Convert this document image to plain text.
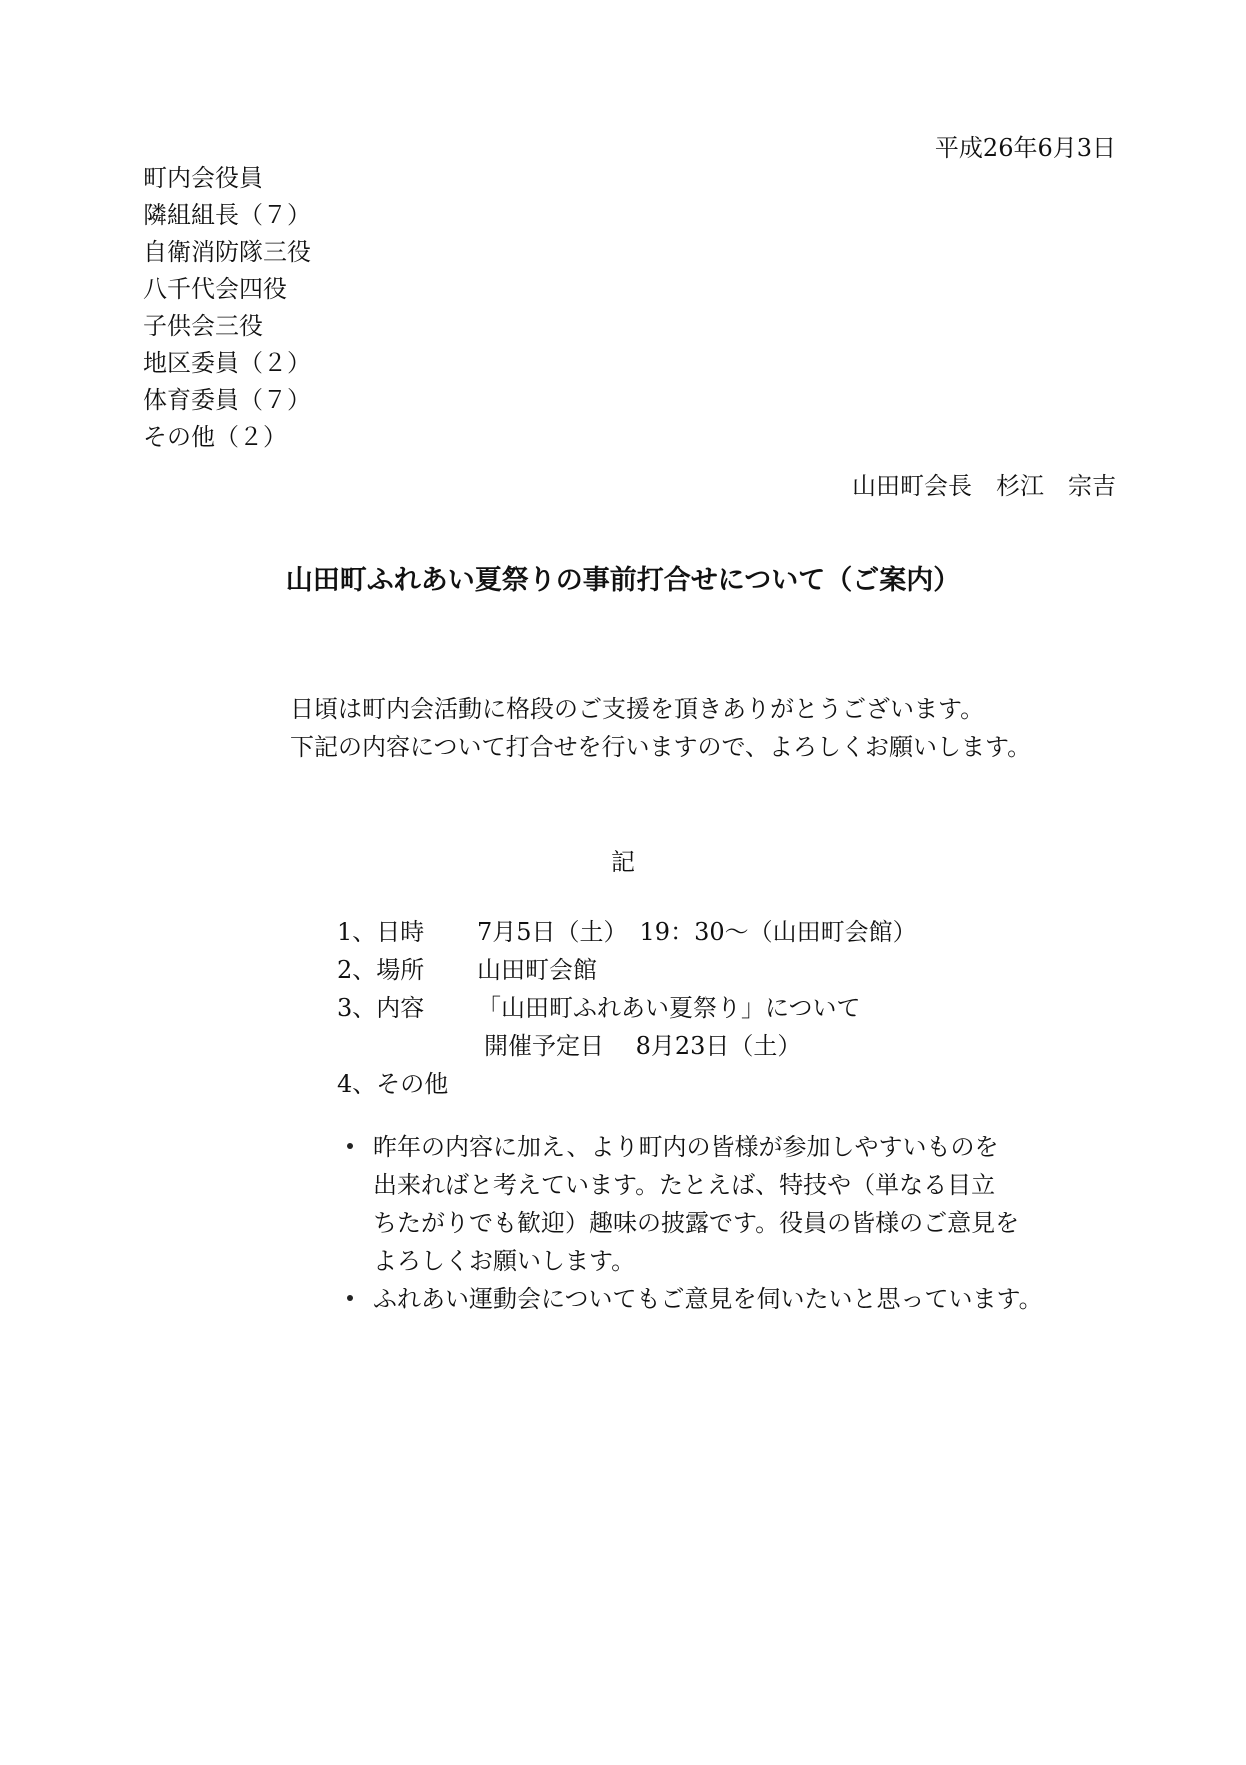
平成26年6月3日
町内会役員
隣組組長（７）
自衛消防隊三役
八千代会四役
子供会三役
地区委員（２）
体育委員（７）
その他（２）
山田町会長　杉江　宗吉
山田町ふれあい夏祭りの事前打合せについて（ご案内）
日頃は町内会活動に格段のご支援を頂きありがとうございます。
下記の内容について打合せを行いますので、よろしくお願いします。
記
1、日時	7月5日（土）　19：30〜（山田町会館）
2、場所	山田町会館
3、内容	「山田町ふれあい夏祭り」について
開催予定日　 8月23日（土）
4、その他
昨年の内容に加え、より町内の皆様が参加しやすいものを
出来ればと考えています。たとえば、特技や（単なる目立
ちたがりでも歓迎）趣味の披露です。役員の皆様のご意見を
よろしくお願いします。
ふれあい運動会についてもご意見を伺いたいと思っています。
